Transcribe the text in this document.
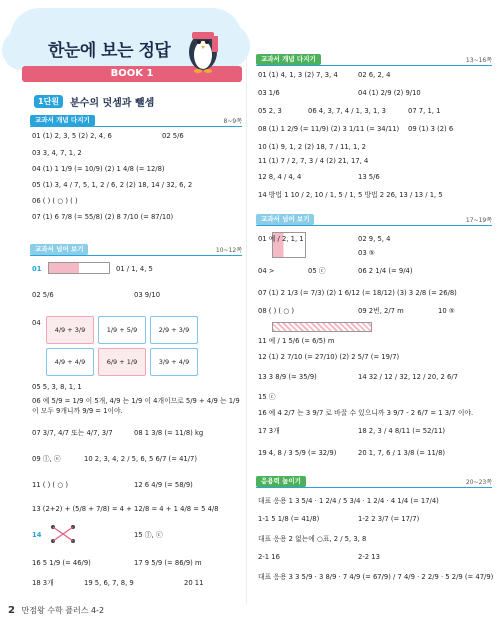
한눈에 보는 정답
BOOK 1
1단원	분수의 덧셈과 뺄셈
교과서 개념 다지기	8~9쪽
01 (1) 2, 3, 5 (2) 2, 4, 6	02 5/6
03 3, 4, 7, 1, 2
04 (1) 1 1/9 (= 10/9) (2) 1 4/8 (= 12/8)
05 (1) 3, 4 / 7, 5, 1, 2 / 6, 2 (2) 18, 14 / 32, 6, 2
06 ( ) ( ○ ) ( )
07 (1) 6 7/8 (= 55/8) (2) 8 7/10 (= 87/10)
교과서 넘어 보기	10~12쪽
01	01 / 1, 4, 5
02 5/6	03 9/10
04
4/9 + 3/9	1/9 + 5/9	2/9 + 3/9
4/9 + 4/9	6/9 + 1/9	3/9 + 4/9
05 5, 3, 8, 1, 1
06 예 5/9 = 1/9 이 5개, 4/9 는 1/9 이 4개이므로 5/9 + 4/9 는 1/9 이 모두 9개니까 9/9 = 1이야.
07 3/7, 4/7 또는 4/7, 3/7	08 1 3/8 (= 11/8) kg
09 ⓛ, ⓔ	10 2, 3, 4, 2 / 5, 6, 5 6/7 (= 41/7)
11 ( ) ( ○ )	12 6 4/9 (= 58/9)
13 (2+2) + (5/8 + 7/8) = 4 + 12/8 = 4 + 1 4/8 = 5 4/8
14	15 ⓛ, ⓒ
16 5 1/9 (= 46/9)	17 9 5/9 (= 86/9) m
18 3개	19 5, 6, 7, 8, 9	20 11
교과서 개념 다지기	13~16쪽
01 (1) 4, 1, 3 (2) 7, 3, 4	02 6, 2, 4
03 1/6	04 (1) 2/9 (2) 9/10
05 2, 3	06 4, 3, 7, 4 / 1, 3, 1, 3	07 7, 1, 1
08 (1) 1 2/9 (= 11/9) (2) 3 1/11 (= 34/11) 09 (1) 3 (2) 6
10 (1) 9, 1, 2 (2) 18, 7 / 11, 1, 2
11 (1) 7 / 2, 7, 3 / 4 (2) 21, 17, 4
12 8, 4 / 4, 4	13 5/6
14 방법 1 10 / 2, 10 / 1, 5 / 1, 5 방법 2 26, 13 / 13 / 1, 5
교과서 넘어 보기	17~19쪽
01 예 / 2, 1, 1	02 9, 5, 4
03 ⑤
04 >	05 ⓒ	06 2 1/4 (= 9/4)
07 (1) 2 1/3 (= 7/3) (2) 1 6/12 (= 18/12) (3) 3 2/8 (= 26/8)
08 ( ) ( ○ )	09 2번, 2/7 m	10 ⑤
11 예 / 1 5/6 (= 6/5) m
12 (1) 2 7/10 (= 27/10) (2) 2 5/7 (= 19/7)
13 3 8/9 (= 35/9)	14 32 / 12 / 32, 12 / 20, 2 6/7
15 ⓒ
16 예 4 2/7 는 3 9/7 로 바꿀 수 있으니까 3 9/7 - 2 6/7 = 1 3/7 이야.
17 3개	18 2, 3 / 4 8/11 (= 52/11)
19 4, 8 / 3 5/9 (= 32/9)	20 1, 7, 6 / 1 3/8 (= 11/8)
응용력 높이기	20~23쪽
대표 응용 1 3 5/4 · 1 2/4 / 5 3/4 · 1 2/4 · 4 1/4 (= 17/4)
1-1 5 1/8 (= 41/8)	1-2 2 3/7 (= 17/7)
대표 응용 2 없는에 ○표, 2 / 5, 3, 8
2-1 16	2-2 13
대표 응용 3 3 5/9 · 3 8/9 · 7 4/9 (= 67/9) / 7 4/9 · 2 2/9 · 5 2/9 (= 47/9)
2 만점왕 수학 플러스 4-2
